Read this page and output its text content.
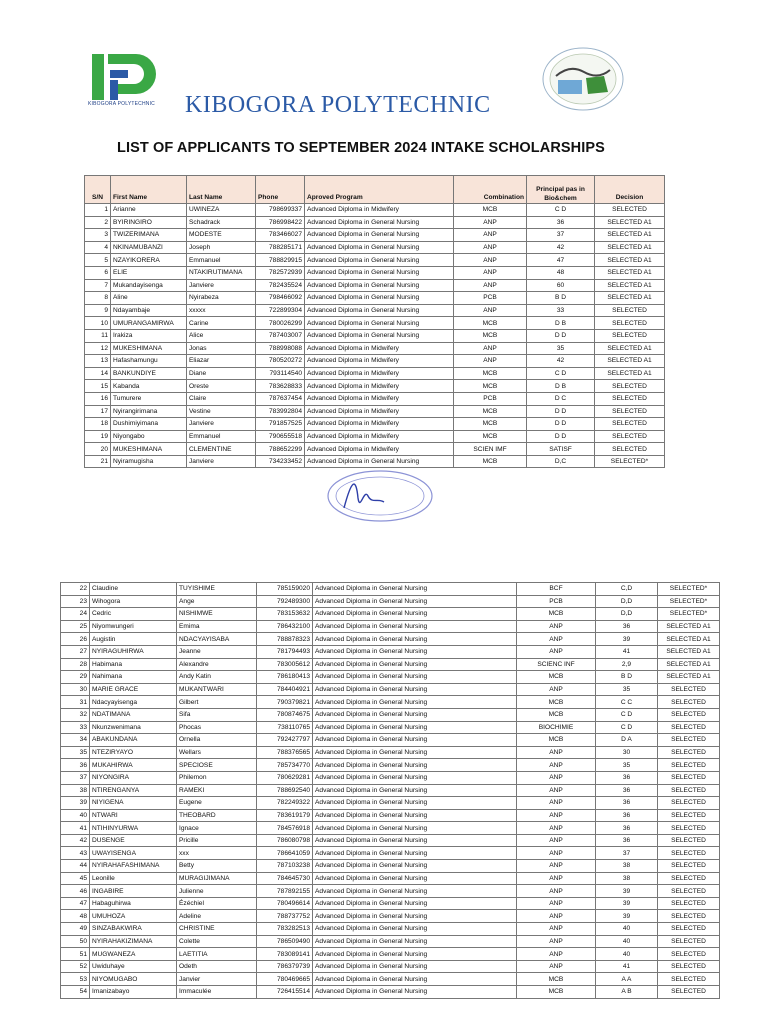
KIBOGORA POLYTECHNIC KIBOGORA POLYTECHNIC
LIST OF APPLICANTS TO SEPTEMBER 2024 INTAKE SCHOLARSHIPS
S/N	First Name	Last Name	Phone	Aproved Program	Combination	Principal pas in Bio&chem	Decision
1	Arianne	UWINEZA	798699337	Advanced Diploma in Midwifery	MCB	C D	SELECTED
2	BYIRINGIRO	Schadrack	786998422	Advanced Diploma in General Nursing	ANP	36	SELECTED A1
3	TWIZERIMANA	MODESTE	783466027	Advanced Diploma in General Nursing	ANP	37	SELECTED A1
4	NKINAMUBANZI	Joseph	788285171	Advanced Diploma in General Nursing	ANP	42	SELECTED A1
5	NZAYIKORERA	Emmanuel	788829915	Advanced Diploma in General Nursing	ANP	47	SELECTED A1
6	ELIE	NTAKIRUTIMANA	782572939	Advanced Diploma in General Nursing	ANP	48	SELECTED A1
7	Mukandayisenga	Janviere	782435524	Advanced Diploma in General Nursing	ANP	60	SELECTED A1
8	Aline	Nyirabeza	798466092	Advanced Diploma in General Nursing	PCB	B D	SELECTED A1
9	Ndayambaje	xxxxx	722899304	Advanced Diploma in General Nursing	ANP	33	SELECTED
10	UMURANGAMIRWA	Carine	780026299	Advanced Diploma in General Nursing	MCB	D B	SELECTED
11	Irakiza	Alice	787403007	Advanced Diploma in General Nursing	MCB	D D	SELECTED
12	MUKESHIMANA	Jonas	788998088	Advanced Diploma in Midwifery	ANP	35	SELECTED A1
13	Hafashamungu	Eliazar	780520272	Advanced Diploma in Midwifery	ANP	42	SELECTED A1
14	BANKUNDIYE	Diane	793114540	Advanced Diploma in Midwifery	MCB	C D	SELECTED A1
15	Kabanda	Oreste	783628833	Advanced Diploma in Midwifery	MCB	D B	SELECTED
16	Tumurere	Claire	787637454	Advanced Diploma in Midwifery	PCB	D C	SELECTED
17	Nyirangirimana	Vestine	783992804	Advanced Diploma in Midwifery	MCB	D D	SELECTED
18	Dushimiyimana	Janviere	791857525	Advanced Diploma in Midwifery	MCB	D D	SELECTED
19	Niyongabo	Emmanuel	790655518	Advanced Diploma in Midwifery	MCB	D D	SELECTED
20	MUKESHIMANA	CLEMENTINE	788652299	Advanced Diploma in Midwifery	SCIEN IMF	SATISF	SELECTED
21	Nyiramugisha	Janviere	734233452	Advanced Diploma in General Nursing	MCB	D,C	SELECTED*
22	Claudine	TUYISHIME	785159020	Advanced Diploma in General Nursing	BCF	C,D	SELECTED*
23	Wihogora	Ange	792489300	Advanced Diploma in General Nursing	PCB	D,D	SELECTED*
24	Cedric	NISHIMWE	783153632	Advanced Diploma in General Nursing	MCB	D,D	SELECTED*
25	Niyomwungeri	Emima	786432100	Advanced Diploma in General Nursing	ANP	36	SELECTED A1
26	Augistin	NDACYAYISABA	788878323	Advanced Diploma in General Nursing	ANP	39	SELECTED A1
27	NYIRAGUHIRWA	Jeanne	781794493	Advanced Diploma in General Nursing	ANP	41	SELECTED A1
28	Habimana	Alexandre	783005612	Advanced Diploma in General Nursing	SCIENC INF	2,9	SELECTED A1
29	Nahimana	Andy Katin	786180413	Advanced Diploma in General Nursing	MCB	B D	SELECTED A1
30	MARIE GRACE	MUKANTWARI	784404921	Advanced Diploma in General Nursing	ANP	35	SELECTED
31	Ndacyayisenga	Gilbert	790379821	Advanced Diploma in General Nursing	MCB	C C	SELECTED
32	NDATIMANA	Sifa	780874675	Advanced Diploma in General Nursing	MCB	C D	SELECTED
33	Nkunzwenimana	Phocas	738110765	Advanced Diploma in General Nursing	BIOCHIMIE	C D	SELECTED
34	ABAKUNDANA	Ornella	792427797	Advanced Diploma in General Nursing	MCB	D A	SELECTED
35	NTEZIRYAYO	Wellars	788376565	Advanced Diploma in General Nursing	ANP	30	SELECTED
36	MUKAHIRWA	SPECIOSE	785734770	Advanced Diploma in General Nursing	ANP	35	SELECTED
37	NIYONGIRA	Philemon	780629281	Advanced Diploma in General Nursing	ANP	36	SELECTED
38	NTIRENGANYA	RAMEKI	788692540	Advanced Diploma in General Nursing	ANP	36	SELECTED
39	NIYIGENA	Eugene	782249322	Advanced Diploma in General Nursing	ANP	36	SELECTED
40	NTWARI	THEOBARD	783619179	Advanced Diploma in General Nursing	ANP	36	SELECTED
41	NTIHINYURWA	Ignace	784576918	Advanced Diploma in General Nursing	ANP	36	SELECTED
42	DUSENGE	Pricille	786080798	Advanced Diploma in General Nursing	ANP	36	SELECTED
43	UWAYISENGA	xxx	786641059	Advanced Diploma in General Nursing	ANP	37	SELECTED
44	NYIRAHAFASHIMANA	Betty	787103238	Advanced Diploma in General Nursing	ANP	38	SELECTED
45	Leonille	MURAGIJIMANA	784645730	Advanced Diploma in General Nursing	ANP	38	SELECTED
46	INGABIRE	Julienne	787892155	Advanced Diploma in General Nursing	ANP	39	SELECTED
47	Habaguhirwa	Ézéchiel	780496614	Advanced Diploma in General Nursing	ANP	39	SELECTED
48	UMUHOZA	Adeline	788737752	Advanced Diploma in General Nursing	ANP	39	SELECTED
49	SINZABAKWIRA	CHRISTINE	783282513	Advanced Diploma in General Nursing	ANP	40	SELECTED
50	NYIRAHAKIZIMANA	Colette	786509490	Advanced Diploma in General Nursing	ANP	40	SELECTED
51	MUGWANEZA	LAETITIA	783089141	Advanced Diploma in General Nursing	ANP	40	SELECTED
52	Uwiduhaye	Odeth	786379739	Advanced Diploma in General Nursing	ANP	41	SELECTED
53	NIYOMUGABO	Janvier	780469665	Advanced Diploma in General Nursing	MCB	A A	SELECTED
54	Imanizabayo	Immaculée	726415514	Advanced Diploma in General Nursing	MCB	A B	SELECTED
